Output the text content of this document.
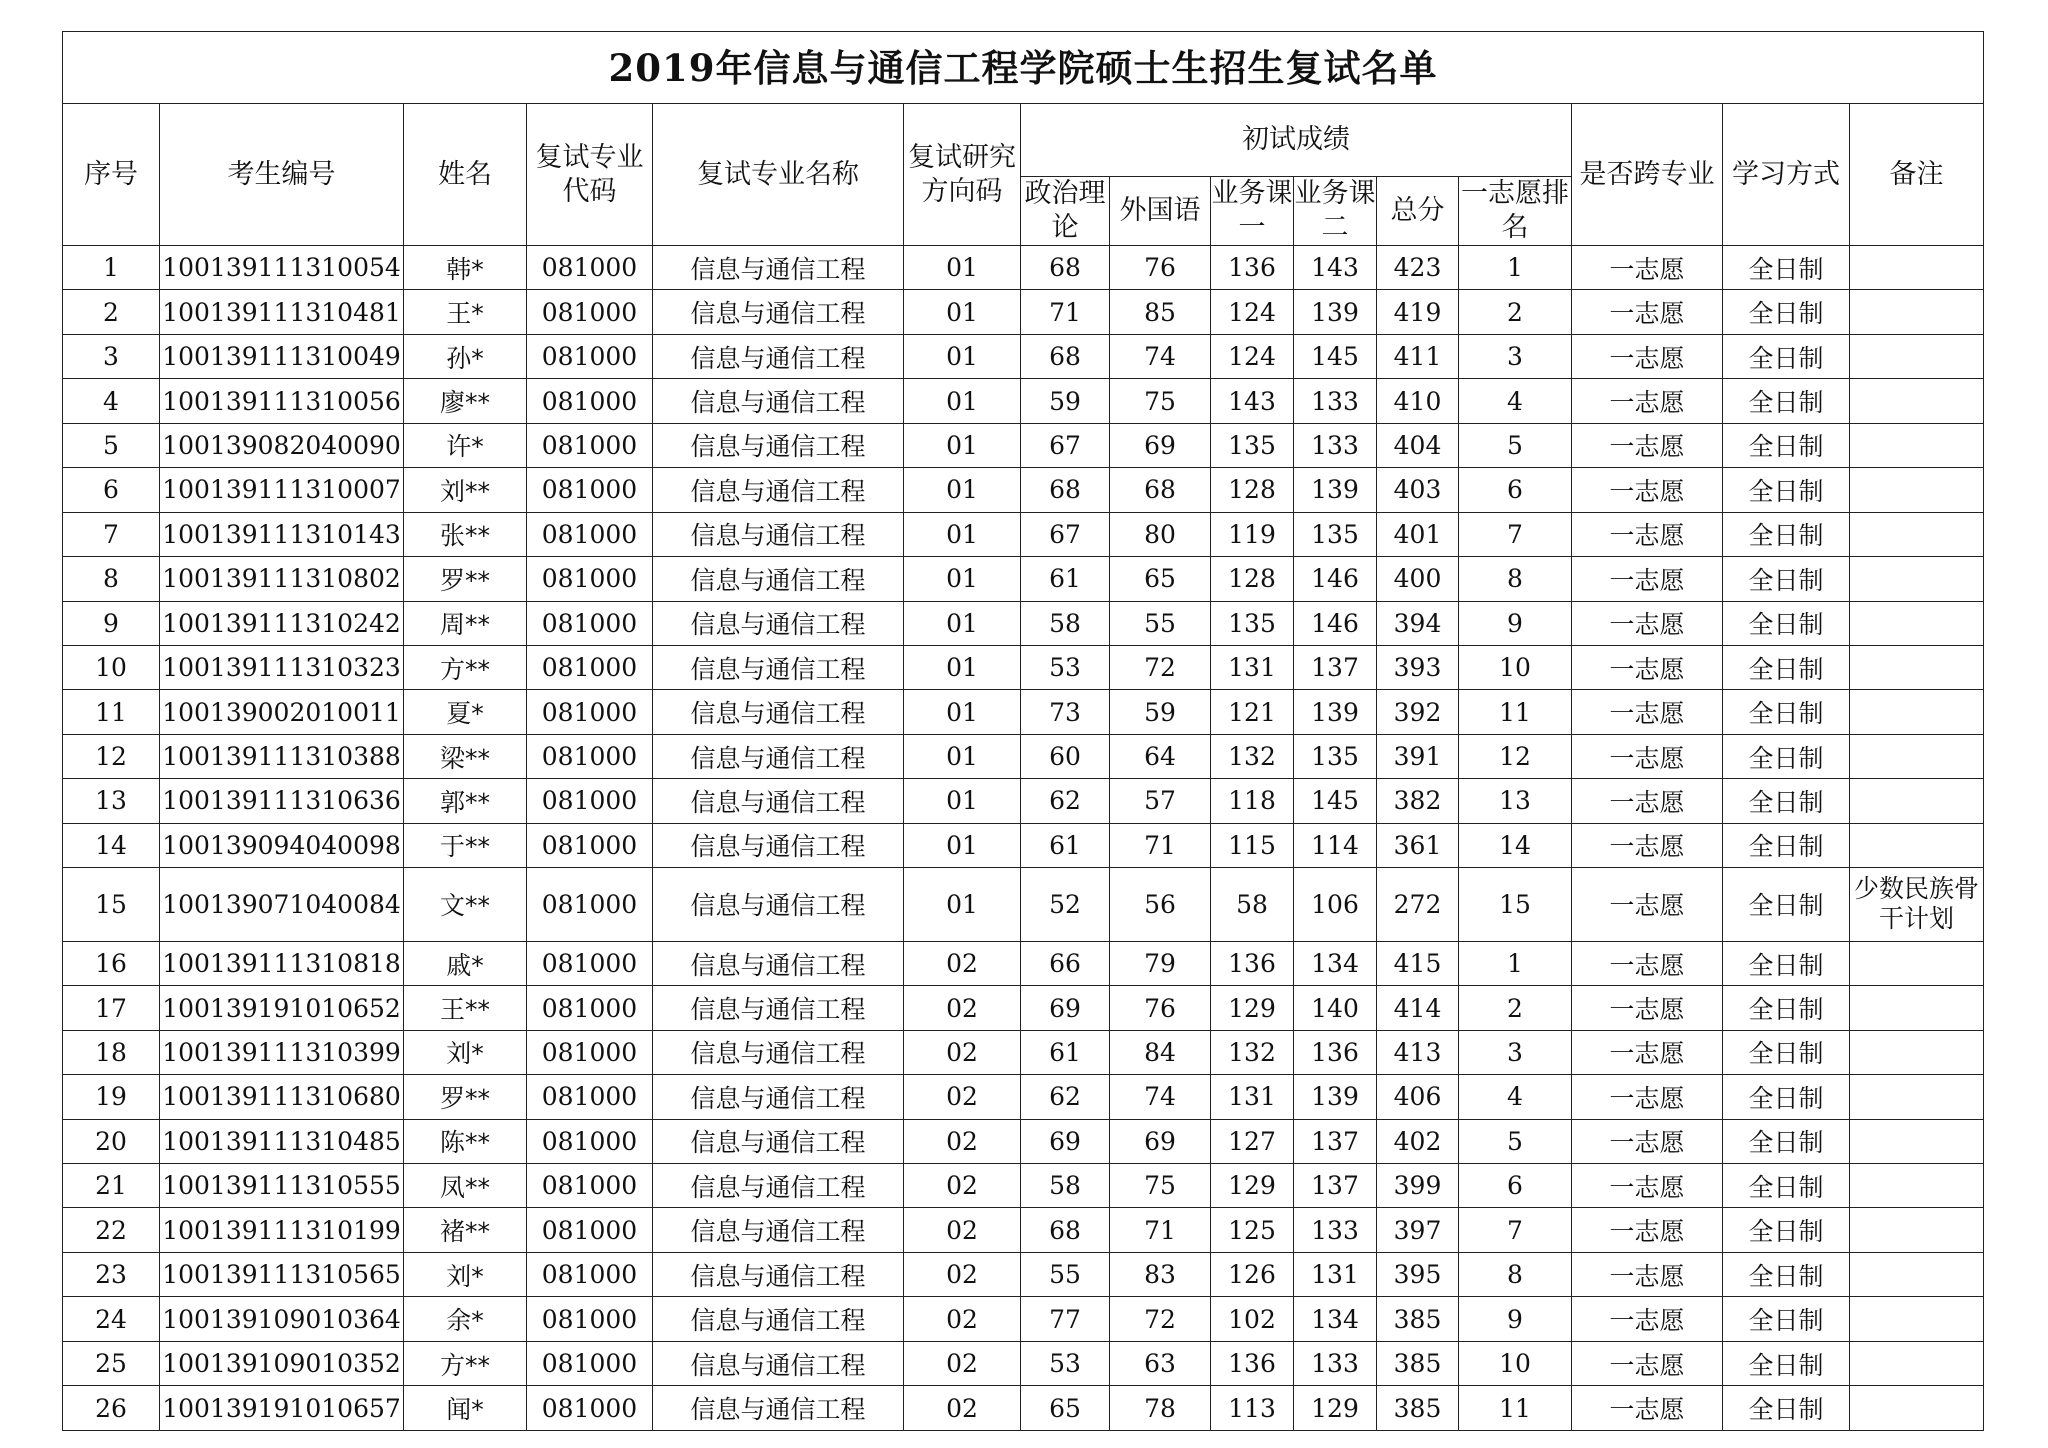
2019年信息与通信工程学院硕士生招生复试名单														
序号	考生编号	姓名	复试专业代码	复试专业名称	复试研究方向码	初试成绩						是否跨专业	学习方式	备注
						政治理论	外国语	业务课一	业务课二	总分	一志愿排名			
1	100139111310054	韩*	081000	信息与通信工程	01	68	76	136	143	423	1	一志愿	全日制	
2	100139111310481	王*	081000	信息与通信工程	01	71	85	124	139	419	2	一志愿	全日制	
3	100139111310049	孙*	081000	信息与通信工程	01	68	74	124	145	411	3	一志愿	全日制	
4	100139111310056	廖**	081000	信息与通信工程	01	59	75	143	133	410	4	一志愿	全日制	
5	100139082040090	许*	081000	信息与通信工程	01	67	69	135	133	404	5	一志愿	全日制	
6	100139111310007	刘**	081000	信息与通信工程	01	68	68	128	139	403	6	一志愿	全日制	
7	100139111310143	张**	081000	信息与通信工程	01	67	80	119	135	401	7	一志愿	全日制	
8	100139111310802	罗**	081000	信息与通信工程	01	61	65	128	146	400	8	一志愿	全日制	
9	100139111310242	周**	081000	信息与通信工程	01	58	55	135	146	394	9	一志愿	全日制	
10	100139111310323	方**	081000	信息与通信工程	01	53	72	131	137	393	10	一志愿	全日制	
11	100139002010011	夏*	081000	信息与通信工程	01	73	59	121	139	392	11	一志愿	全日制	
12	100139111310388	梁**	081000	信息与通信工程	01	60	64	132	135	391	12	一志愿	全日制	
13	100139111310636	郭**	081000	信息与通信工程	01	62	57	118	145	382	13	一志愿	全日制	
14	100139094040098	于**	081000	信息与通信工程	01	61	71	115	114	361	14	一志愿	全日制	
15	100139071040084	文**	081000	信息与通信工程	01	52	56	58	106	272	15	一志愿	全日制	少数民族骨干计划
16	100139111310818	戚*	081000	信息与通信工程	02	66	79	136	134	415	1	一志愿	全日制	
17	100139191010652	王**	081000	信息与通信工程	02	69	76	129	140	414	2	一志愿	全日制	
18	100139111310399	刘*	081000	信息与通信工程	02	61	84	132	136	413	3	一志愿	全日制	
19	100139111310680	罗**	081000	信息与通信工程	02	62	74	131	139	406	4	一志愿	全日制	
20	100139111310485	陈**	081000	信息与通信工程	02	69	69	127	137	402	5	一志愿	全日制	
21	100139111310555	凤**	081000	信息与通信工程	02	58	75	129	137	399	6	一志愿	全日制	
22	100139111310199	褚**	081000	信息与通信工程	02	68	71	125	133	397	7	一志愿	全日制	
23	100139111310565	刘*	081000	信息与通信工程	02	55	83	126	131	395	8	一志愿	全日制	
24	100139109010364	余*	081000	信息与通信工程	02	77	72	102	134	385	9	一志愿	全日制	
25	100139109010352	方**	081000	信息与通信工程	02	53	63	136	133	385	10	一志愿	全日制	
26	100139191010657	闻*	081000	信息与通信工程	02	65	78	113	129	385	11	一志愿	全日制	
